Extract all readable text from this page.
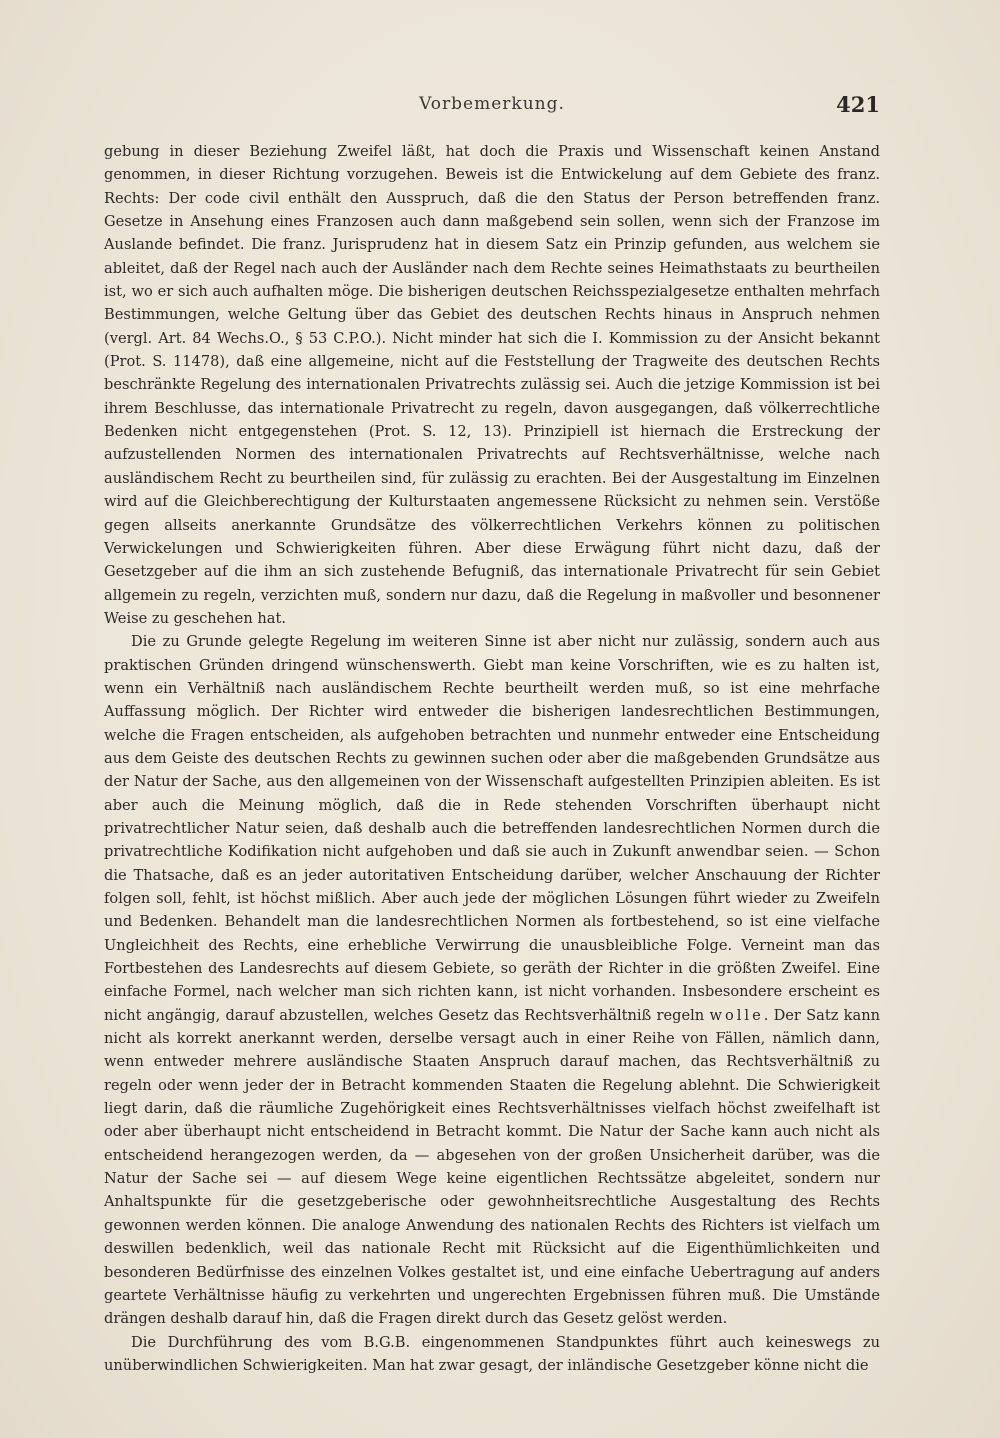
Vorbemerkung.	421

gebung in dieser Beziehung Zweifel läßt, hat doch die Praxis und Wissenschaft keinen Anstand genommen, in dieser Richtung vorzugehen. Beweis ist die Entwickelung auf dem Gebiete des franz. Rechts: Der code civil enthält den Ausspruch, daß die den Status der Person betreffenden franz. Gesetze in Ansehung eines Franzosen auch dann maßgebend sein sollen, wenn sich der Franzose im Auslande befindet. Die franz. Jurisprudenz hat in diesem Satz ein Prinzip gefunden, aus welchem sie ableitet, daß der Regel nach auch der Ausländer nach dem Rechte seines Heimathstaats zu beurtheilen ist, wo er sich auch aufhalten möge. Die bisherigen deutschen Reichsspezialgesetze enthalten mehrfach Bestimmungen, welche Geltung über das Gebiet des deutschen Rechts hinaus in Anspruch nehmen (vergl. Art. 84 Wechs.O., § 53 C.P.O.). Nicht minder hat sich die I. Kommission zu der Ansicht bekannt (Prot. S. 11478), daß eine allgemeine, nicht auf die Feststellung der Tragweite des deutschen Rechts beschränkte Regelung des internationalen Privatrechts zulässig sei. Auch die jetzige Kommission ist bei ihrem Beschlusse, das internationale Privatrecht zu regeln, davon ausgegangen, daß völkerrechtliche Bedenken nicht entgegenstehen (Prot. S. 12, 13). Prinzipiell ist hiernach die Erstreckung der aufzustellenden Normen des internationalen Privatrechts auf Rechtsverhältnisse, welche nach ausländischem Recht zu beurtheilen sind, für zulässig zu erachten. Bei der Ausgestaltung im Einzelnen wird auf die Gleichberechtigung der Kulturstaaten angemessene Rücksicht zu nehmen sein. Verstöße gegen allseits anerkannte Grundsätze des völkerrechtlichen Verkehrs können zu politischen Verwickelungen und Schwierigkeiten führen. Aber diese Erwägung führt nicht dazu, daß der Gesetzgeber auf die ihm an sich zustehende Befugniß, das internationale Privatrecht für sein Gebiet allgemein zu regeln, verzichten muß, sondern nur dazu, daß die Regelung in maßvoller und besonnener Weise zu geschehen hat.

Die zu Grunde gelegte Regelung im weiteren Sinne ist aber nicht nur zulässig, sondern auch aus praktischen Gründen dringend wünschenswerth. Giebt man keine Vorschriften, wie es zu halten ist, wenn ein Verhältniß nach ausländischem Rechte beurtheilt werden muß, so ist eine mehrfache Auffassung möglich. Der Richter wird entweder die bisherigen landesrechtlichen Bestimmungen, welche die Fragen entscheiden, als aufgehoben betrachten und nunmehr entweder eine Entscheidung aus dem Geiste des deutschen Rechts zu gewinnen suchen oder aber die maßgebenden Grundsätze aus der Natur der Sache, aus den allgemeinen von der Wissenschaft aufgestellten Prinzipien ableiten. Es ist aber auch die Meinung möglich, daß die in Rede stehenden Vorschriften überhaupt nicht privatrechtlicher Natur seien, daß deshalb auch die betreffenden landesrechtlichen Normen durch die privatrechtliche Kodifikation nicht aufgehoben und daß sie auch in Zukunft anwendbar seien. — Schon die Thatsache, daß es an jeder autoritativen Entscheidung darüber, welcher Anschauung der Richter folgen soll, fehlt, ist höchst mißlich. Aber auch jede der möglichen Lösungen führt wieder zu Zweifeln und Bedenken. Behandelt man die landesrechtlichen Normen als fortbestehend, so ist eine vielfache Ungleichheit des Rechts, eine erhebliche Verwirrung die unausbleibliche Folge. Verneint man das Fortbestehen des Landesrechts auf diesem Gebiete, so geräth der Richter in die größten Zweifel. Eine einfache Formel, nach welcher man sich richten kann, ist nicht vorhanden. Insbesondere erscheint es nicht angängig, darauf abzustellen, welches Gesetz das Rechtsverhältniß regeln wolle. Der Satz kann nicht als korrekt anerkannt werden, derselbe versagt auch in einer Reihe von Fällen, nämlich dann, wenn entweder mehrere ausländische Staaten Anspruch darauf machen, das Rechtsverhältniß zu regeln oder wenn jeder der in Betracht kommenden Staaten die Regelung ablehnt. Die Schwierigkeit liegt darin, daß die räumliche Zugehörigkeit eines Rechtsverhältnisses vielfach höchst zweifelhaft ist oder aber überhaupt nicht entscheidend in Betracht kommt. Die Natur der Sache kann auch nicht als entscheidend herangezogen werden, da — abgesehen von der großen Unsicherheit darüber, was die Natur der Sache sei — auf diesem Wege keine eigentlichen Rechtssätze abgeleitet, sondern nur Anhaltspunkte für die gesetzgeberische oder gewohnheitsrechtliche Ausgestaltung des Rechts gewonnen werden können. Die analoge Anwendung des nationalen Rechts des Richters ist vielfach um deswillen bedenklich, weil das nationale Recht mit Rücksicht auf die Eigenthümlichkeiten und besonderen Bedürfnisse des einzelnen Volkes gestaltet ist, und eine einfache Uebertragung auf anders geartete Verhältnisse häufig zu verkehrten und ungerechten Ergebnissen führen muß. Die Umstände drängen deshalb darauf hin, daß die Fragen direkt durch das Gesetz gelöst werden.

Die Durchführung des vom B.G.B. eingenommenen Standpunktes führt auch keineswegs zu unüberwindlichen Schwierigkeiten. Man hat zwar gesagt, der inländische Gesetzgeber könne nicht die
